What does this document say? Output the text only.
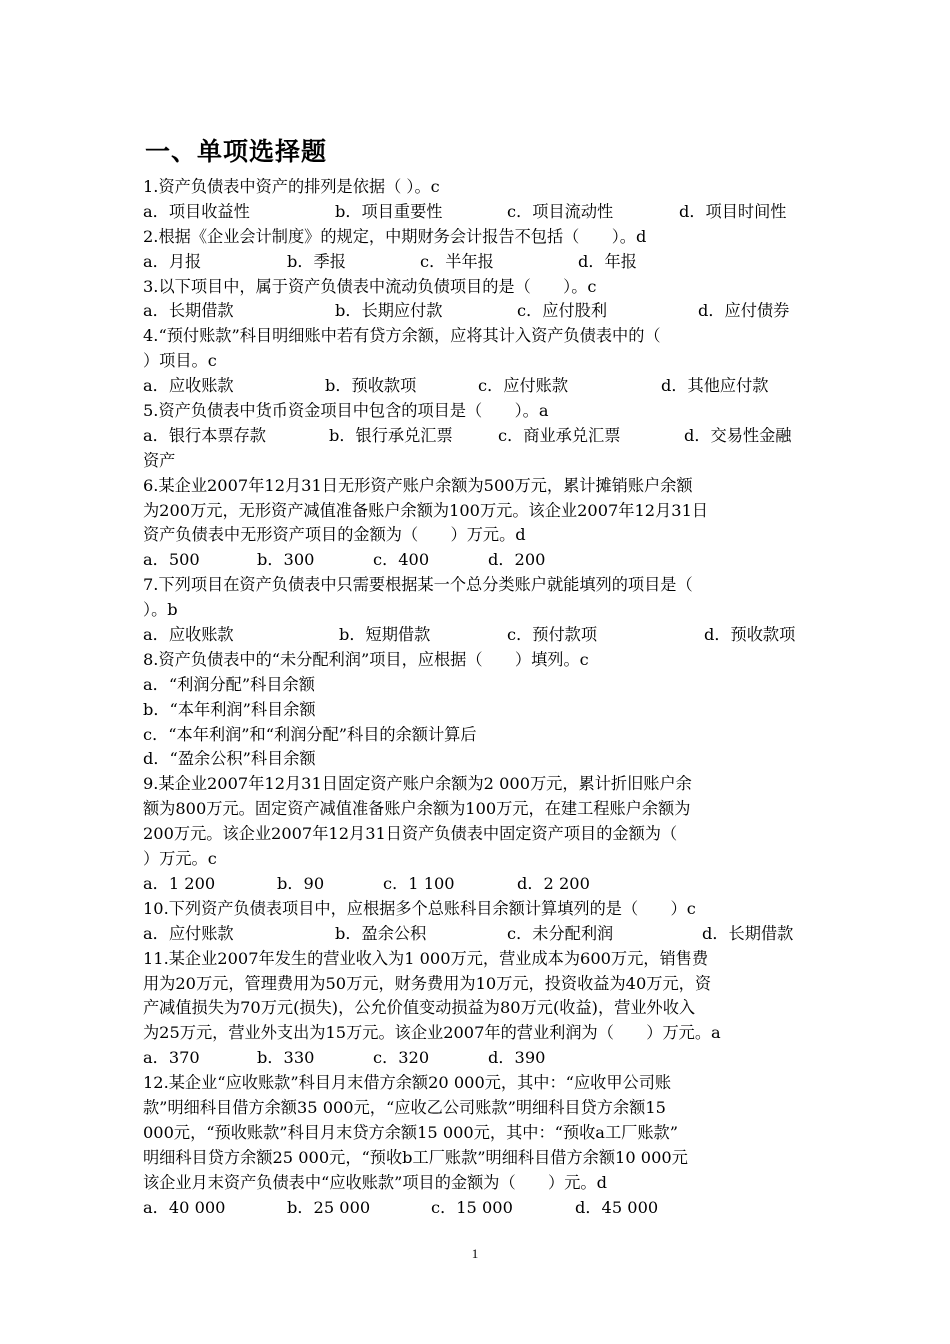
一、单项选择题
1.资产负债表中资产的排列是依据（ ）。c
a．项目收益性	b．项目重要性	c．项目流动性	d．项目时间性
2.根据《企业会计制度》的规定，中期财务会计报告不包括（　　）。d
a．月报	b．季报	c．半年报	d．年报
3.以下项目中，属于资产负债表中流动负债项目的是（　　）。c
a．长期借款	b．长期应付款	c．应付股利	d．应付债券
4.“预付账款”科目明细账中若有贷方余额，应将其计入资产负债表中的（
）项目。c
a．应收账款	b．预收款项	c．应付账款	d．其他应付款
5.资产负债表中货币资金项目中包含的项目是（　　）。a
a．银行本票存款	b．银行承兑汇票	c．商业承兑汇票	d．交易性金融
资产
6.某企业2007年12月31日无形资产账户余额为500万元，累计摊销账户余额
为200万元，无形资产减值准备账户余额为100万元。该企业2007年12月31日
资产负债表中无形资产项目的金额为（　　）万元。d
a．500	b．300	c．400	d．200
7.下列项目在资产负债表中只需要根据某一个总分类账户就能填列的项目是（
）。b
a．应收账款	b．短期借款	c．预付款项	d．预收款项
8.资产负债表中的“未分配利润”项目，应根据（　　）填列。c
a．“利润分配”科目余额
b．“本年利润”科目余额
c．“本年利润”和“利润分配”科目的余额计算后
d．“盈余公积”科目余额
9.某企业2007年12月31日固定资产账户余额为2 000万元，累计折旧账户余
额为800万元。固定资产减值准备账户余额为100万元，在建工程账户余额为
200万元。该企业2007年12月31日资产负债表中固定资产项目的金额为（
）万元。c
a．1 200	b．90	c．1 100	d．2 200
10.下列资产负债表项目中，应根据多个总账科目余额计算填列的是（　　）c
a．应付账款	b．盈余公积	c．未分配利润	d．长期借款
11.某企业2007年发生的营业收入为1 000万元，营业成本为600万元，销售费
用为20万元，管理费用为50万元，财务费用为10万元，投资收益为40万元，资
产减值损失为70万元(损失)，公允价值变动损益为80万元(收益)，营业外收入
为25万元，营业外支出为15万元。该企业2007年的营业利润为（　　）万元。a
a．370	b．330	c．320	d．390
12.某企业“应收账款”科目月末借方余额20 000元，其中：“应收甲公司账
款”明细科目借方余额35 000元，“应收乙公司账款”明细科目贷方余额15
000元，“预收账款”科目月末贷方余额15 000元，其中：“预收a工厂账款”
明细科目贷方余额25 000元，“预收b工厂账款”明细科目借方余额10 000元
该企业月末资产负债表中“应收账款”项目的金额为（　　）元。d
a．40 000	b．25 000	c．15 000	d．45 000
1
